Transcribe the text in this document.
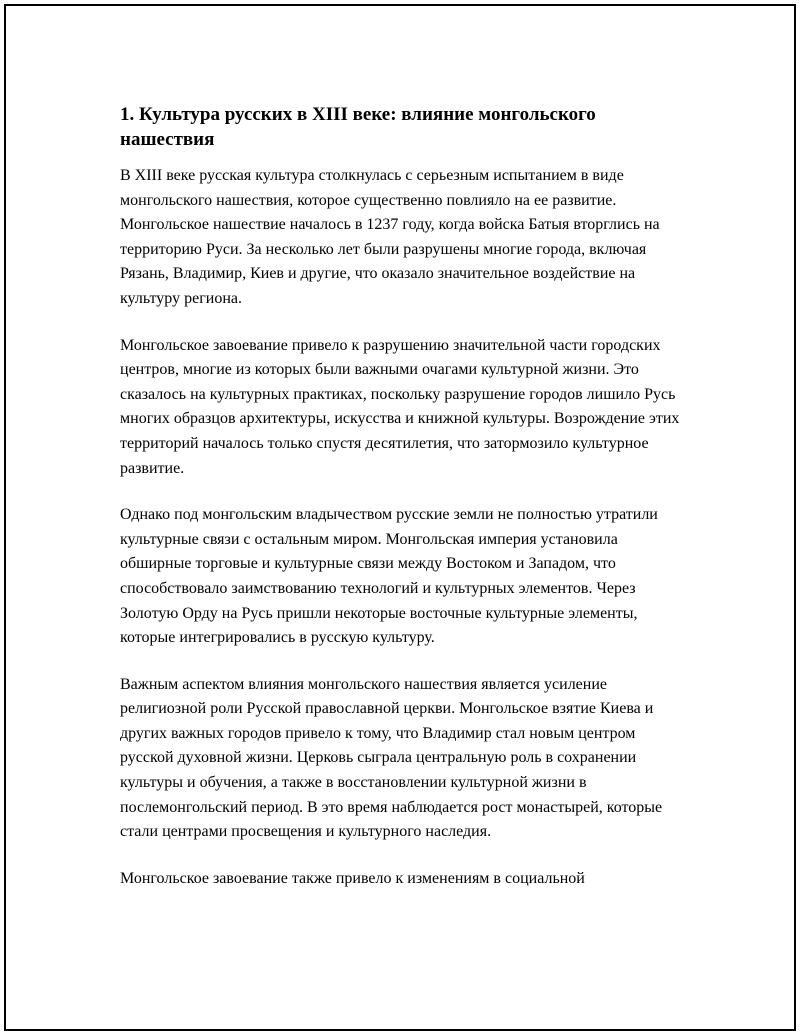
1. Культура русских в XIII веке: влияние монгольского нашествия

В XIII веке русская культура столкнулась с серьезным испытанием в виде монгольского нашествия, которое существенно повлияло на ее развитие. Монгольское нашествие началось в 1237 году, когда войска Батыя вторглись на территорию Руси. За несколько лет были разрушены многие города, включая Рязань, Владимир, Киев и другие, что оказало значительное воздействие на культуру региона.

Монгольское завоевание привело к разрушению значительной части городских центров, многие из которых были важными очагами культурной жизни. Это сказалось на культурных практиках, поскольку разрушение городов лишило Русь многих образцов архитектуры, искусства и книжной культуры. Возрождение этих территорий началось только спустя десятилетия, что затормозило культурное развитие.

Однако под монгольским владычеством русские земли не полностью утратили культурные связи с остальным миром. Монгольская империя установила обширные торговые и культурные связи между Востоком и Западом, что способствовало заимствованию технологий и культурных элементов. Через Золотую Орду на Русь пришли некоторые восточные культурные элементы, которые интегрировались в русскую культуру.

Важным аспектом влияния монгольского нашествия является усиление религиозной роли Русской православной церкви. Монгольское взятие Киева и других важных городов привело к тому, что Владимир стал новым центром русской духовной жизни. Церковь сыграла центральную роль в сохранении культуры и обучения, а также в восстановлении культурной жизни в послемонгольский период. В это время наблюдается рост монастырей, которые стали центрами просвещения и культурного наследия.

Монгольское завоевание также привело к изменениям в социальной
